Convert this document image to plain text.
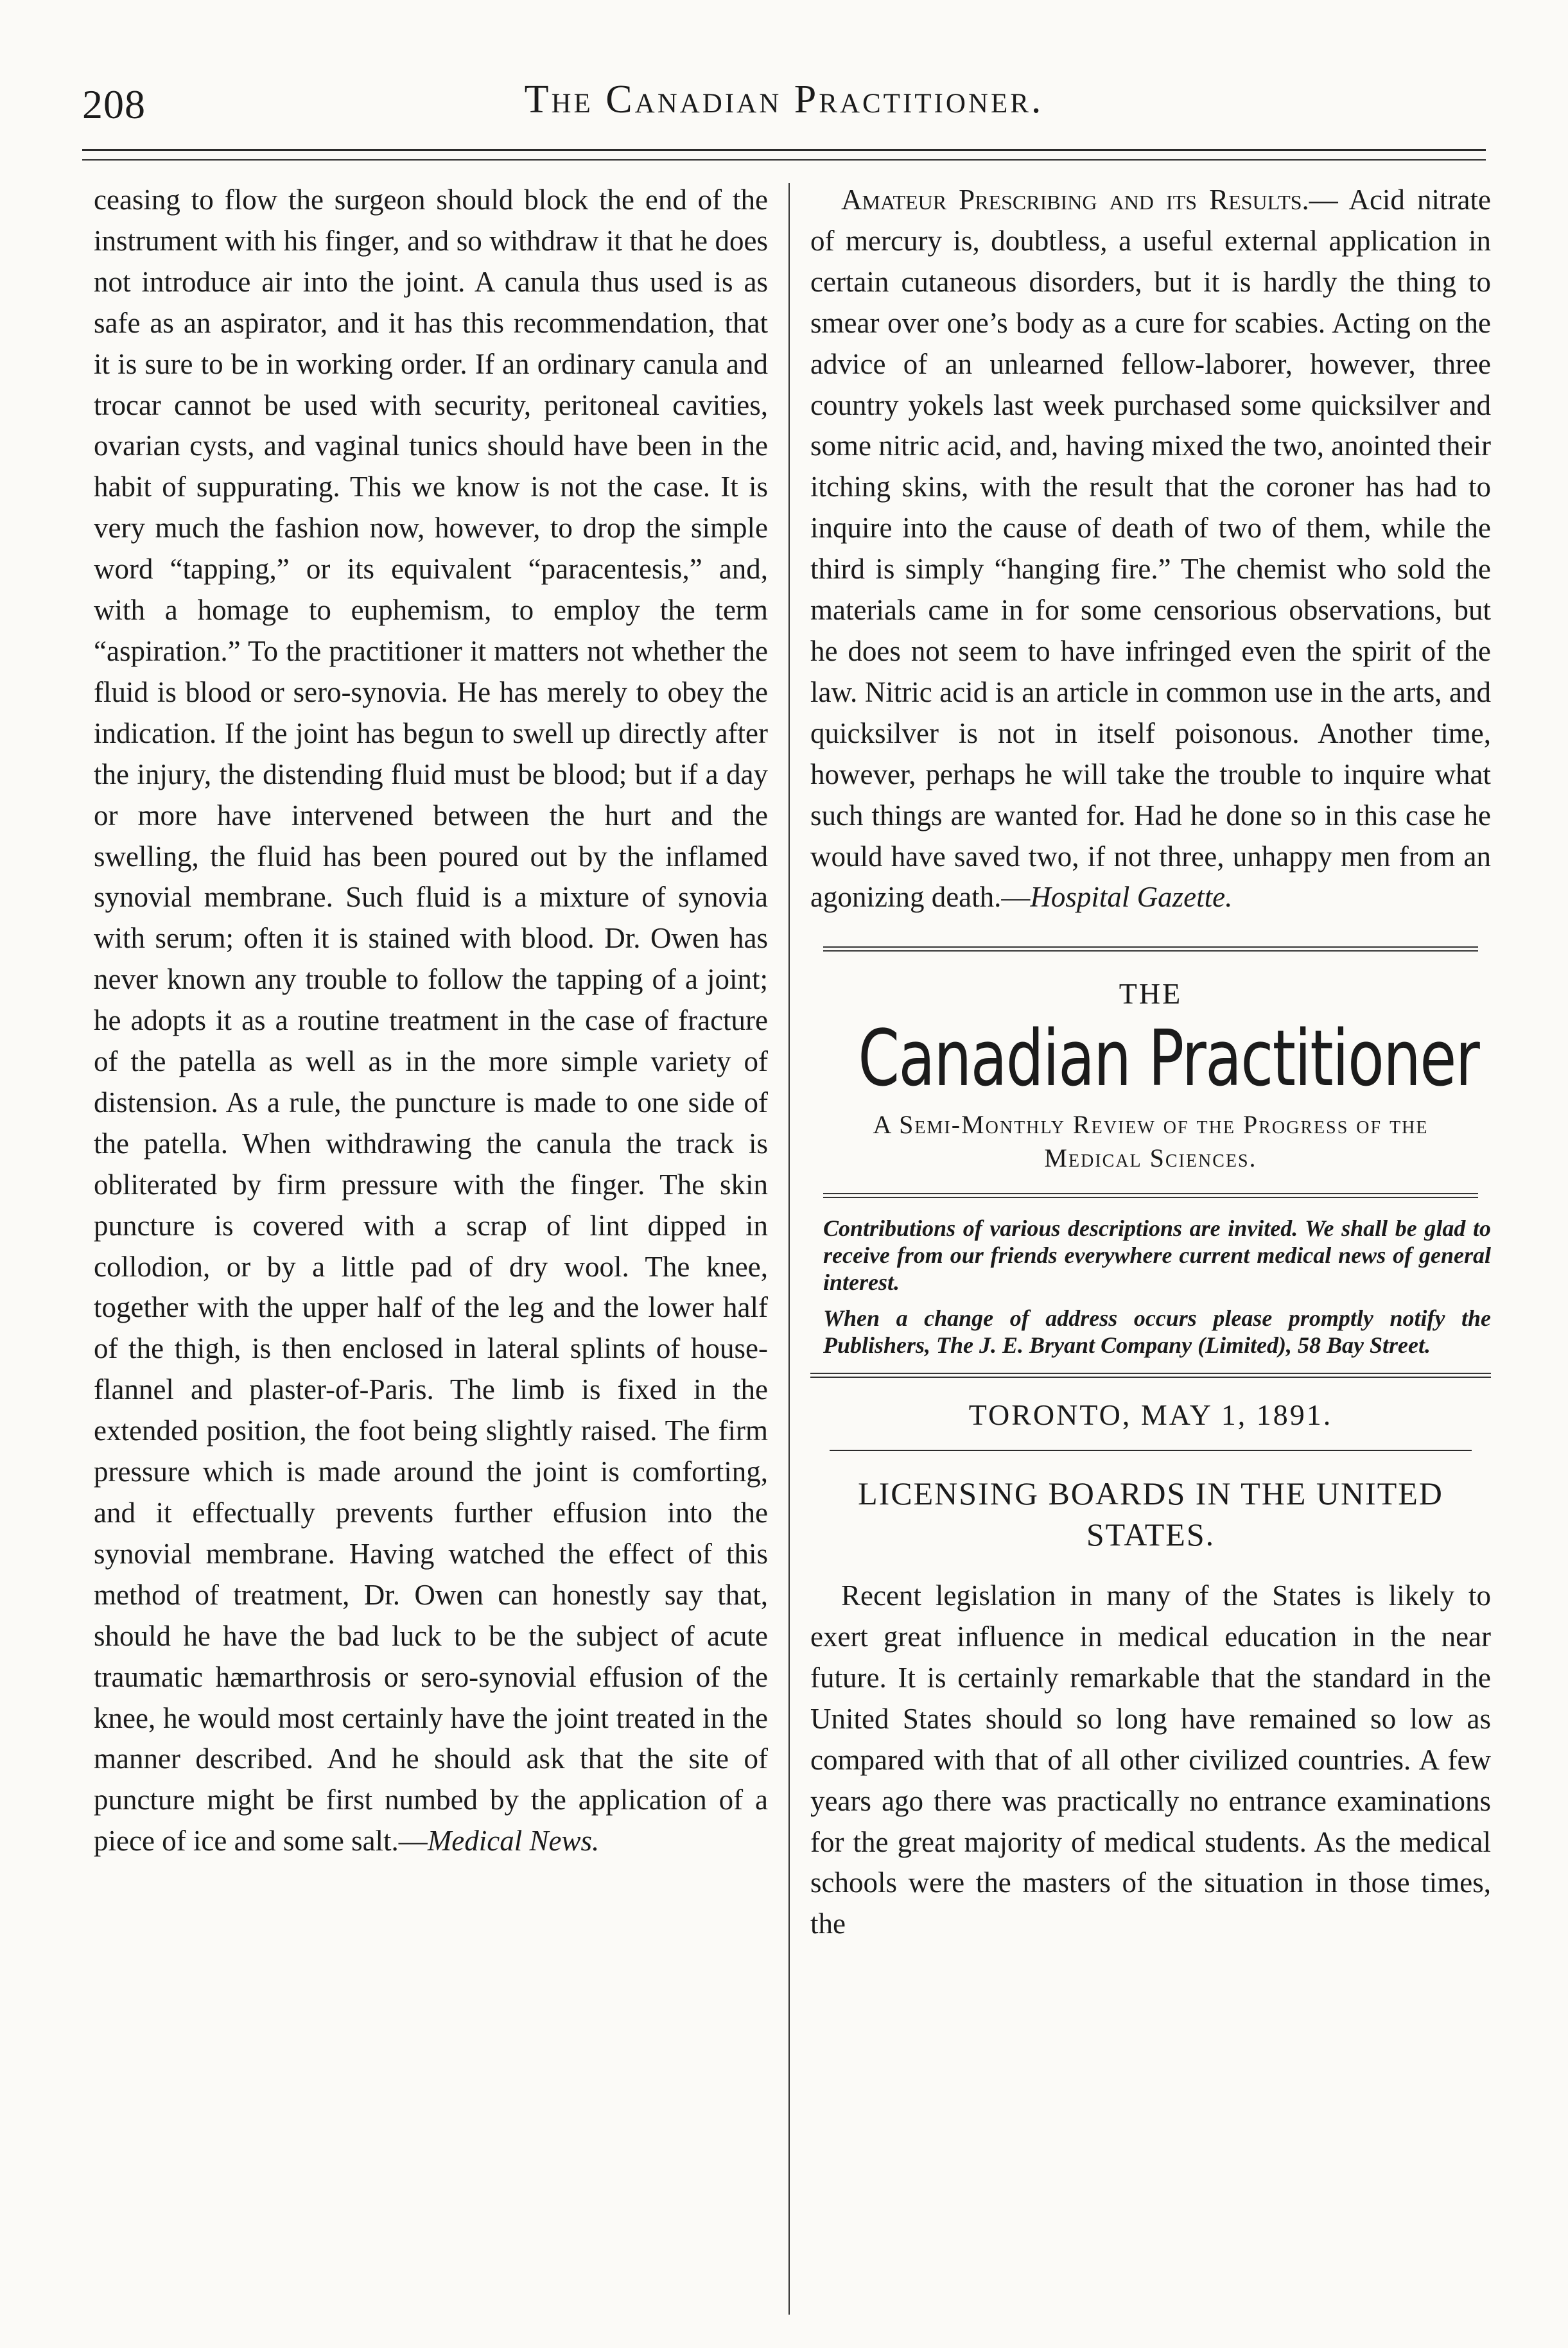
208	The Canadian Practitioner.

ceasing to flow the surgeon should block the end of the instrument with his finger, and so withdraw it that he does not introduce air into the joint. A canula thus used is as safe as an aspirator, and it has this recommendation, that it is sure to be in working order. If an ordinary canula and trocar cannot be used with security, peritoneal cavities, ovarian cysts, and vaginal tunics should have been in the habit of suppurating. This we know is not the case. It is very much the fashion now, however, to drop the simple word “tapping,” or its equivalent “paracentesis,” and, with a homage to euphemism, to employ the term “aspiration.” To the practitioner it matters not whether the fluid is blood or sero-synovia. He has merely to obey the indication. If the joint has begun to swell up directly after the injury, the distending fluid must be blood; but if a day or more have intervened between the hurt and the swelling, the fluid has been poured out by the inflamed synovial membrane. Such fluid is a mixture of synovia with serum; often it is stained with blood. Dr. Owen has never known any trouble to follow the tapping of a joint; he adopts it as a routine treatment in the case of fracture of the patella as well as in the more simple variety of distension. As a rule, the puncture is made to one side of the patella. When withdrawing the canula the track is obliterated by firm pressure with the finger. The skin puncture is covered with a scrap of lint dipped in collodion, or by a little pad of dry wool. The knee, together with the upper half of the leg and the lower half of the thigh, is then enclosed in lateral splints of house-flannel and plaster-of-Paris. The limb is fixed in the extended position, the foot being slightly raised. The firm pressure which is made around the joint is comforting, and it effectually prevents further effusion into the synovial membrane. Having watched the effect of this method of treatment, Dr. Owen can honestly say that, should he have the bad luck to be the subject of acute traumatic hæmarthrosis or sero-synovial effusion of the knee, he would most certainly have the joint treated in the manner described. And he should ask that the site of puncture might be first numbed by the application of a piece of ice and some salt.—Medical News.

Amateur Prescribing and its Results.— Acid nitrate of mercury is, doubtless, a useful external application in certain cutaneous disorders, but it is hardly the thing to smear over one’s body as a cure for scabies. Acting on the advice of an unlearned fellow-laborer, however, three country yokels last week purchased some quicksilver and some nitric acid, and, having mixed the two, anointed their itching skins, with the result that the coroner has had to inquire into the cause of death of two of them, while the third is simply “hanging fire.” The chemist who sold the materials came in for some censorious observations, but he does not seem to have infringed even the spirit of the law. Nitric acid is an article in common use in the arts, and quicksilver is not in itself poisonous. Another time, however, perhaps he will take the trouble to inquire what such things are wanted for. Had he done so in this case he would have saved two, if not three, unhappy men from an agonizing death.—Hospital Gazette.

THE
Canadian Practitioner
A Semi-Monthly Review of the Progress of the Medical Sciences.

Contributions of various descriptions are invited. We shall be glad to receive from our friends everywhere current medical news of general interest.

When a change of address occurs please promptly notify the Publishers, The J. E. Bryant Company (Limited), 58 Bay Street.

TORONTO, MAY 1, 1891.
LICENSING BOARDS IN THE UNITED STATES.

Recent legislation in many of the States is likely to exert great influence in medical education in the near future. It is certainly remarkable that the standard in the United States should so long have remained so low as compared with that of all other civilized countries. A few years ago there was practically no entrance examinations for the great majority of medical students. As the medical schools were the masters of the situation in those times, the
